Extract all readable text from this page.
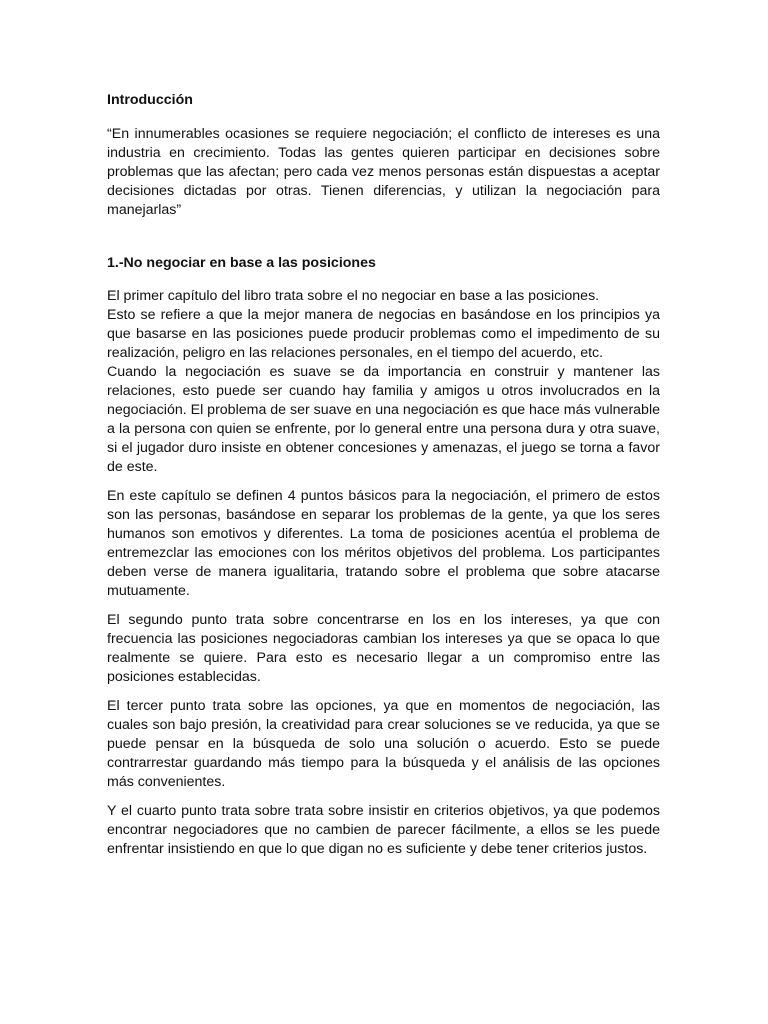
Introducción

“En innumerables ocasiones se requiere negociación; el conflicto de intereses es una industria en crecimiento. Todas las gentes quieren participar en decisiones sobre problemas que las afectan; pero cada vez menos personas están dispuestas a aceptar decisiones dictadas por otras. Tienen diferencias, y utilizan la negociación para manejarlas”

1.-No negociar en base a las posiciones

El primer capítulo del libro trata sobre el no negociar en base a las posiciones.

Esto se refiere a que la mejor manera de negocias en basándose en los principios ya que basarse en las posiciones puede producir problemas como el impedimento de su realización, peligro en las relaciones personales, en el tiempo del acuerdo, etc.

Cuando la negociación es suave se da importancia en construir y mantener las relaciones, esto puede ser cuando hay familia y amigos u otros involucrados en la negociación. El problema de ser suave en una negociación es que hace más vulnerable a la persona con quien se enfrente, por lo general entre una persona dura y otra suave, si el jugador duro insiste en obtener concesiones y amenazas, el juego se torna a favor de este.

En este capítulo se definen 4 puntos básicos para la negociación, el primero de estos son las personas, basándose en separar los problemas de la gente, ya que los seres humanos son emotivos y diferentes. La toma de posiciones acentúa el problema de entremezclar las emociones con los méritos objetivos del problema. Los participantes deben verse de manera igualitaria, tratando sobre el problema que sobre atacarse mutuamente.

El segundo punto trata sobre concentrarse en los en los intereses, ya que con frecuencia las posiciones negociadoras cambian los intereses ya que se opaca lo que realmente se quiere. Para esto es necesario llegar a un compromiso entre las posiciones establecidas.

El tercer punto trata sobre las opciones, ya que en momentos de negociación, las cuales son bajo presión, la creatividad para crear soluciones se ve reducida, ya que se puede pensar en la búsqueda de solo una solución o acuerdo. Esto se puede contrarrestar guardando más tiempo para la búsqueda y el análisis de las opciones más convenientes.

Y el cuarto punto trata sobre trata sobre insistir en criterios objetivos, ya que podemos encontrar negociadores que no cambien de parecer fácilmente, a ellos se les puede enfrentar insistiendo en que lo que digan no es suficiente y debe tener criterios justos.
